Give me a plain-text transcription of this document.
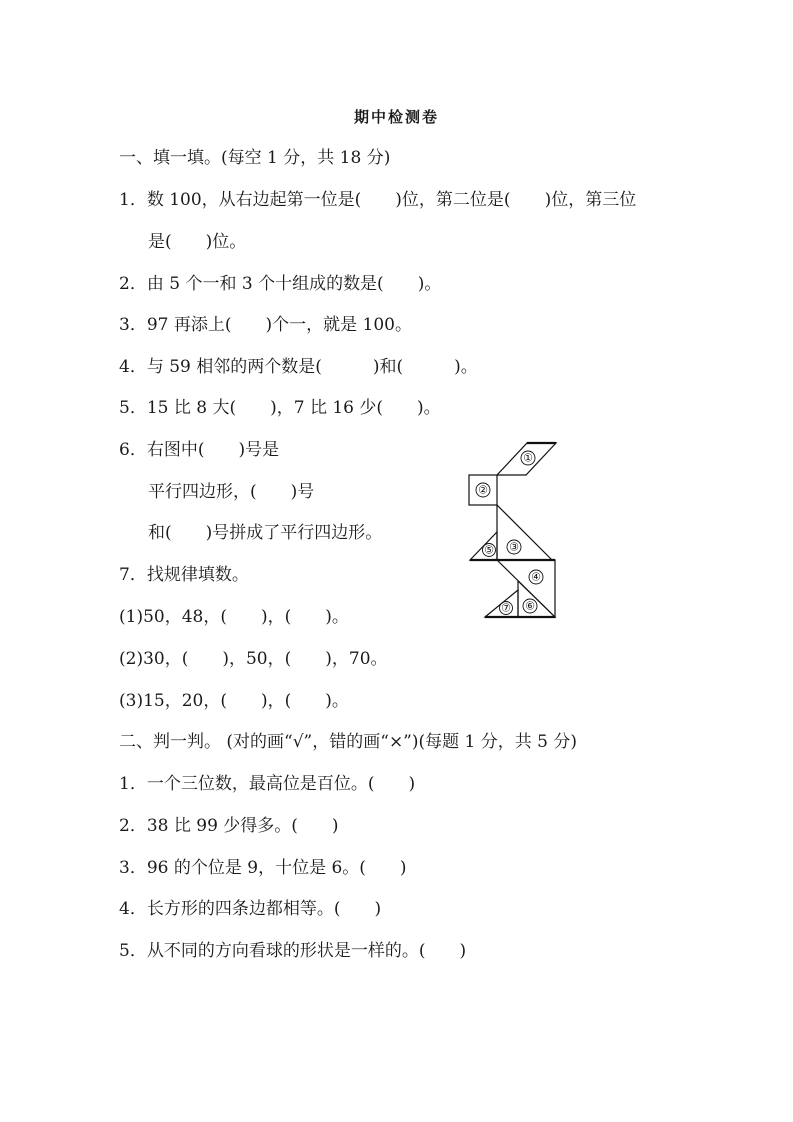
期中检测卷
一、填一填。(每空 1 分，共 18 分)
1．数 100，从右边起第一位是(　　)位，第二位是(　　)位，第三位
是(　　)位。
2．由 5 个一和 3 个十组成的数是(　　)。
3．97 再添上(　　)个一，就是 100。
4．与 59 相邻的两个数是(　　　)和(　　　)。
5．15 比 8 大(　　)，7 比 16 少(　　)。
6．右图中(　　)号是
平行四边形，(　　)号
和(　　)号拼成了平行四边形。
7．找规律填数。
(1)50，48，(　　)，(　　)。
(2)30，(　　)，50，(　　)，70。
(3)15，20，(　　)，(　　)。
①
②
③
⑤
④
⑥
⑦
二、判一判。 (对的画“√”，错的画“×”)(每题 1 分，共 5 分)
1．一个三位数，最高位是百位。(　　)
2．38 比 99 少得多。(　　)
3．96 的个位是 9，十位是 6。(　　)
4．长方形的四条边都相等。(　　)
5．从不同的方向看球的形状是一样的。(　　)
